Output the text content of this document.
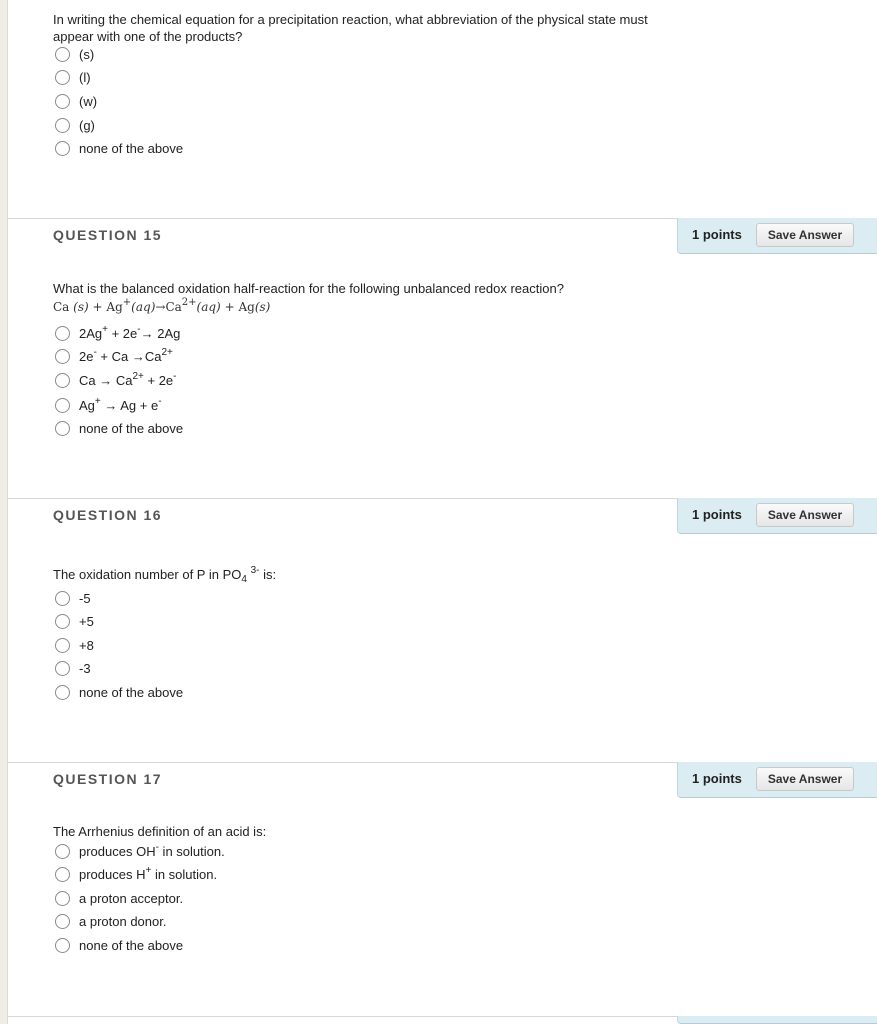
In writing the chemical equation for a precipitation reaction, what abbreviation of the physical state must appear with one of the products?
(s)
(l)
(w)
(g)
none of the above
QUESTION 15	1 points	Save Answer
What is the balanced oxidation half-reaction for the following unbalanced redox reaction?
Ca $(s) + Ag^+(aq)\to Ca^{2+}(aq) + Ag(s)$
2Ag+ + 2e-→ 2Ag
$2e^- + Ca \to Ca^{2+}$
$Ca \to Ca^{2+} + 2e^-$
Ag+ → Ag + e-
none of the above
QUESTION 16	1 points	Save Answer
The oxidation number of P in $PO_4$ $^{3-}$ is:
-5
+5
+8
-3
none of the above
QUESTION 17	1 points	Save Answer
The Arrhenius definition of an acid is:
produces OH- in solution.
produces H+ in solution.
a proton acceptor.
a proton donor.
none of the above
